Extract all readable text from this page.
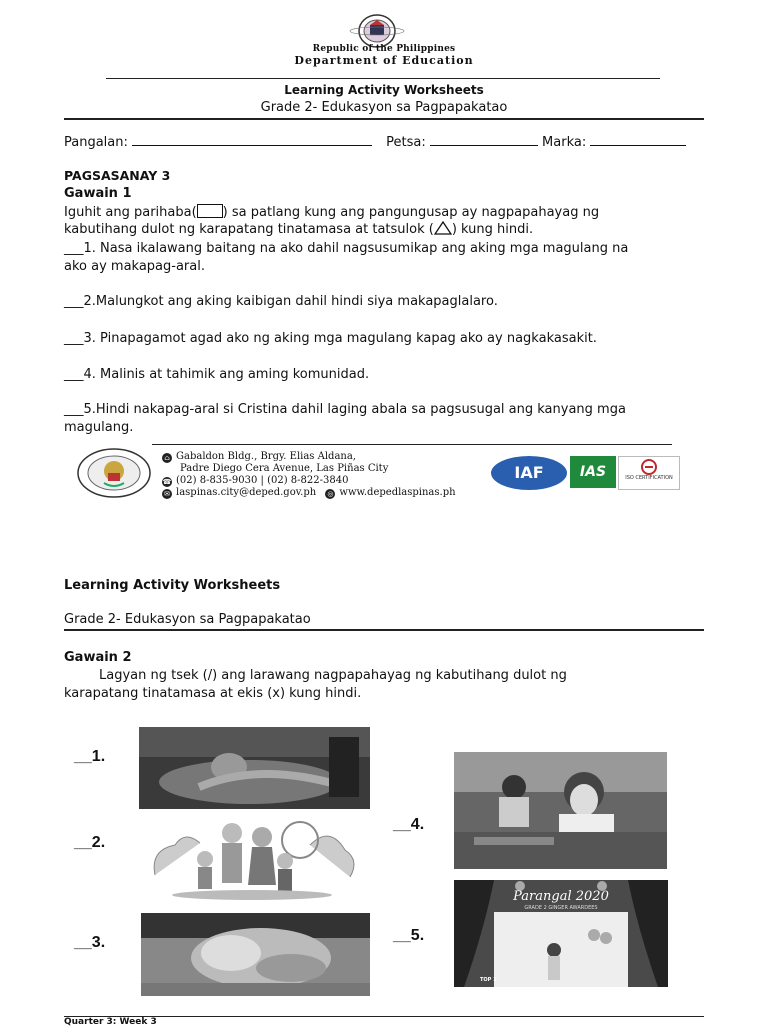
Republic of the Philippines
Department of Education
Learning Activity Worksheets
Grade 2- Edukasyon sa Pagpapakatao
Pangalan:	Petsa:	Marka:
PAGSASANAY 3
Gawain 1
Iguhit ang parihaba( ) sa patlang kung ang pangungusap ay nagpapahayag ng
kabutihang dulot ng karapatang tinatamasa at tatsulok ( ) kung hindi.
___1. Nasa ikalawang baitang na ako dahil nagsusumikap ang aking mga magulang na
ako ay makapag-aral.
___2.Malungkot ang aking kaibigan dahil hindi siya makapaglalaro.
___3. Pinapagamot agad ako ng aking mga magulang kapag ako ay nagkakasakit.
___4. Malinis at tahimik ang aming komunidad.
___5.Hindi nakapag-aral si Cristina dahil laging abala sa pagsusugal ang kanyang mga
magulang.
⌂ Gabaldon Bldg., Brgy. Elias Aldana,
Padre Diego Cera Avenue, Las Piñas City
☎ (02) 8-835-9030 | (02) 8-822-3840
✉ laspinas.city@deped.gov.ph ◎ www.depedlaspinas.ph
IAF	IAS	ISO CERTIFICATION
Learning Activity Worksheets
Grade 2- Edukasyon sa Pagpapakatao
Gawain 2
Lagyan ng tsek (/) ang larawang nagpapahayag ng kabutihang dulot ng
karapatang tinatamasa at ekis (x) kung hindi.
__1.
__2.
__3.
__4.
__5.
Parangal 2020
GRADE 2 GINGER AWARDEES
TOP 1
Quarter 3: Week 3
